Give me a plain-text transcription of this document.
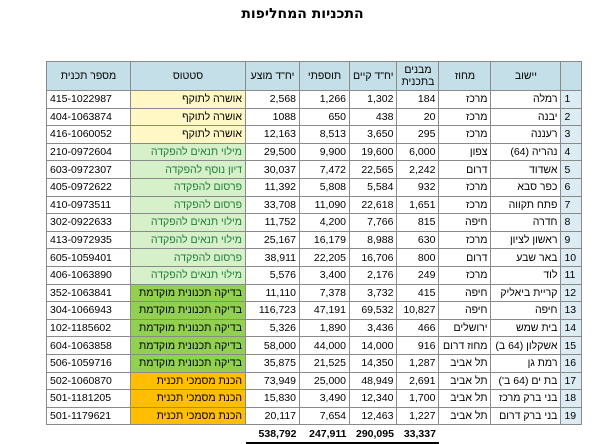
התכניות המחליפות
	יישוב	מחוז	מבנים בתכנית	יח"ד קיים	תוספתי	יח"ד מוצע	סטטוס	מספר תכנית
1	רמלה	מרכז	184	1,302	1,266	2,568	אושרה לתוקף	415-1022987
2	יבנה	מרכז	20	438	650	1088	אושרה לתוקף	404-1063874
3	רעננה	מרכז	295	3,650	8,513	12,163	אושרה לתוקף	416-1060052
4	נהריה (64)	צפון	6,000	19,600	9,900	29,500	מילוי תנאים להפקדה	210-0972604
5	אשדוד	דרום	2,242	22,565	7,472	30,037	דיון נוסף להפקדה	603-0972307
6	כפר סבא	מרכז	932	5,584	5,808	11,392	פרסום להפקדה	405-0972622
7	פתח תקווה	מרכז	1,651	22,618	11,090	33,708	פרסום להפקדה	410-0973511
8	חדרה	חיפה	815	7,766	4,200	11,752	מילוי תנאים להפקדה	302-0922633
9	ראשון לציון	מרכז	630	8,988	16,179	25,167	מילוי תנאים להפקדה	413-0972935
10	באר שבע	דרום	800	16,706	22,205	38,911	פרסום להפקדה	605-1059401
11	לוד	מרכז	249	2,176	3,400	5,576	מילוי תנאים להפקדה	406-1063890
12	קריית ביאליק	חיפה	415	3,732	7,378	11,110	בדיקה תכנונית מוקדמת	352-1063841
13	חיפה	חיפה	10,827	69,532	47,191	116,723	בדיקה תכנונית מוקדמת	304-1066943
14	בית שמש	ירושלים	466	3,436	1,890	5,326	בדיקה תכנונית מוקדמת	102-1185602
15	אשקלון (64 ב)	מחוז דרום	916	14,000	44,000	58,000	בדיקה תכנונית מוקדמת	604-1063858
16	רמת גן	תל אביב	1,287	14,350	21,525	35,875	בדיקה תכנונית מוקדמת	506-1059716
17	בת ים (64 ב')	תל אביב	2,691	48,949	25,000	73,949	הכנת מסמכי תכנית	502-1060870
18	בני ברק מרכז	תל אביב	1,700	12,340	3,490	15,830	הכנת מסמכי תכנית	501-1181205
19	בני ברק דרום	תל אביב	1,227	12,463	7,654	20,117	הכנת מסמכי תכנית	501-1179621
			33,337	290,095	247,911	538,792		
